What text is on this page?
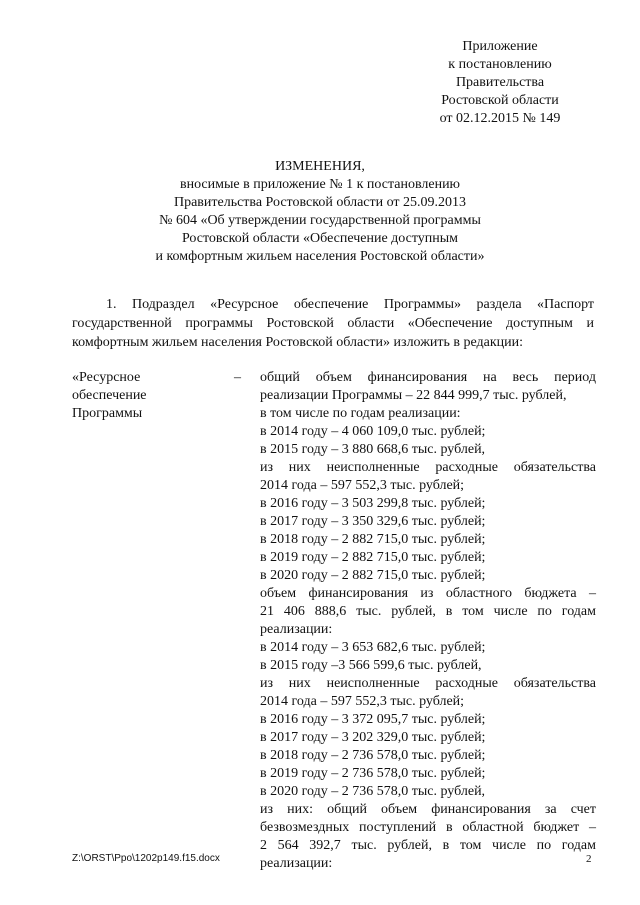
Приложение
к постановлению
Правительства
Ростовской области
от 02.12.2015 № 149
ИЗМЕНЕНИЯ,
вносимые в приложение № 1 к постановлению
Правительства Ростовской области от 25.09.2013
№ 604 «Об утверждении государственной программы
Ростовской области «Обеспечение доступным
и комфортным жильем населения Ростовской области»
1. Подраздел «Ресурсное обеспечение Программы» раздела «Паспорт государственной программы Ростовской области «Обеспечение доступным и комфортным жильем населения Ростовской области» изложить в редакции:
«Ресурсное
обеспечение
Программы
– общий объем финансирования на весь период
реализации Программы – 22 844 999,7 тыс. рублей,
в том числе по годам реализации:
в 2014 году – 4 060 109,0 тыс. рублей;
в 2015 году – 3 880 668,6 тыс. рублей,
из них неисполненные расходные обязательства
2014 года – 597 552,3 тыс. рублей;
в 2016 году – 3 503 299,8 тыс. рублей;
в 2017 году – 3 350 329,6 тыс. рублей;
в 2018 году – 2 882 715,0 тыс. рублей;
в 2019 году – 2 882 715,0 тыс. рублей;
в 2020 году – 2 882 715,0 тыс. рублей;
объем финансирования из областного бюджета –
21 406 888,6 тыс. рублей, в том числе по годам
реализации:
в 2014 году – 3 653 682,6 тыс. рублей;
в 2015 году –3 566 599,6 тыс. рублей,
из них неисполненные расходные обязательства
2014 года – 597 552,3 тыс. рублей;
в 2016 году – 3 372 095,7 тыс. рублей;
в 2017 году – 3 202 329,0 тыс. рублей;
в 2018 году – 2 736 578,0 тыс. рублей;
в 2019 году – 2 736 578,0 тыс. рублей;
в 2020 году – 2 736 578,0 тыс. рублей,
из них: общий объем финансирования за счет
безвозмездных поступлений в областной бюджет –
2 564 392,7 тыс. рублей, в том числе по годам
реализации:
Z:\ORST\Ppo\1202p149.f15.docx	2
